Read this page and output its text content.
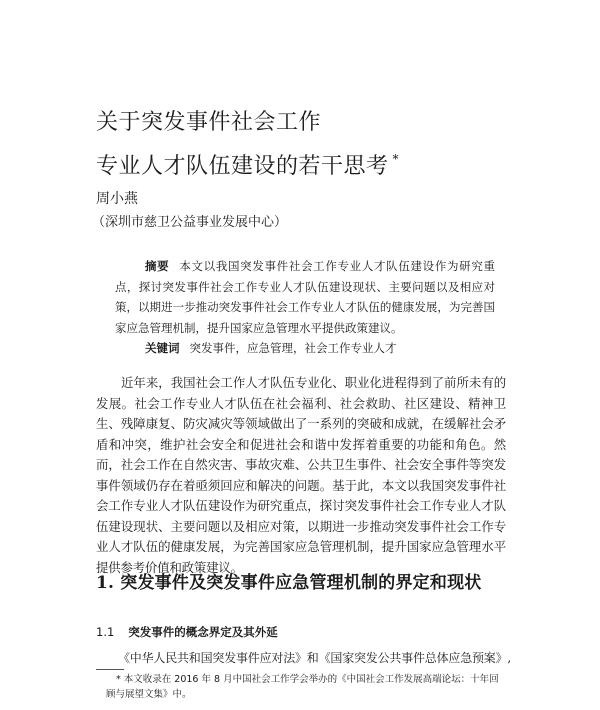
关于突发事件社会工作
专业人才队伍建设的若干思考 *
周小燕
（深圳市慈卫公益事业发展中心）
摘要 本文以我国突发事件社会工作专业人才队伍建设作为研究重点，探讨突发事件社会工作专业人才队伍建设现状、主要问题以及相应对策，以期进一步推动突发事件社会工作专业人才队伍的健康发展，为完善国家应急管理机制，提升国家应急管理水平提供政策建议。
关键词 突发事件，应急管理，社会工作专业人才
近年来，我国社会工作人才队伍专业化、职业化进程得到了前所未有的发展。社会工作专业人才队伍在社会福利、社会救助、社区建设、精神卫生、残障康复、防灾减灾等领域做出了一系列的突破和成就，在缓解社会矛盾和冲突，维护社会安全和促进社会和谐中发挥着重要的功能和角色。然而，社会工作在自然灾害、事故灾难、公共卫生事件、社会安全事件等突发事件领域仍存在着亟须回应和解决的问题。基于此，本文以我国突发事件社会工作专业人才队伍建设作为研究重点，探讨突发事件社会工作专业人才队伍建设现状、主要问题以及相应对策，以期进一步推动突发事件社会工作专业人才队伍的健康发展，为完善国家应急管理机制，提升国家应急管理水平提供参考价值和政策建议。
1. 突发事件及突发事件应急管理机制的界定和现状
1.1 突发事件的概念界定及其外延
《中华人民共和国突发事件应对法》和《国家突发公共事件总体应急预案》,
* 本文收录在 2016 年 8 月中国社会工作学会举办的《中国社会工作发展高端论坛：十年回顾与展望文集》中。
